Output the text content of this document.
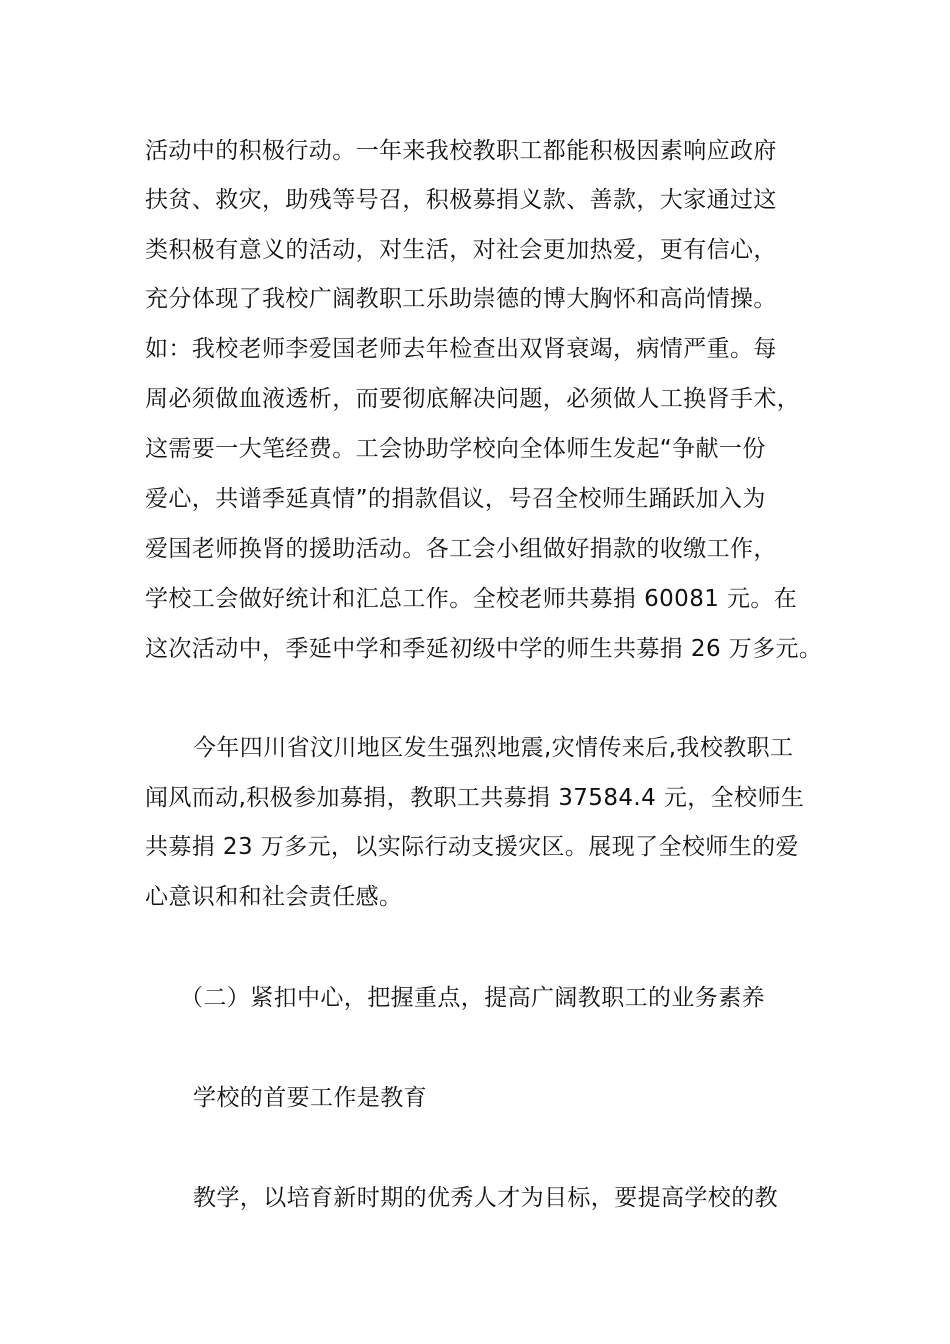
活动中的积极行动。一年来我校教职工都能积极因素响应政府
扶贫、救灾，助残等号召，积极募捐义款、善款，大家通过这
类积极有意义的活动，对生活，对社会更加热爱，更有信心，
充分体现了我校广阔教职工乐助崇德的博大胸怀和高尚情操。
如：我校老师李爱国老师去年检查出双肾衰竭，病情严重。每
周必须做血液透析，而要彻底解决问题，必须做人工换肾手术，
这需要一大笔经费。工会协助学校向全体师生发起“争献一份
爱心，共谱季延真情”的捐款倡议，号召全校师生踊跃加入为
爱国老师换肾的援助活动。各工会小组做好捐款的收缴工作，
学校工会做好统计和汇总工作。全校老师共募捐 60081 元。在
这次活动中，季延中学和季延初级中学的师生共募捐 26 万多元。
今年四川省汶川地区发生强烈地震,灾情传来后,我校教职工
闻风而动,积极参加募捐，教职工共募捐 37584.4 元，全校师生
共募捐 23 万多元，以实际行动支援灾区。展现了全校师生的爱
心意识和和社会责任感。
（二）紧扣中心，把握重点，提高广阔教职工的业务素养
学校的首要工作是教育
教学，以培育新时期的优秀人才为目标，要提高学校的教
